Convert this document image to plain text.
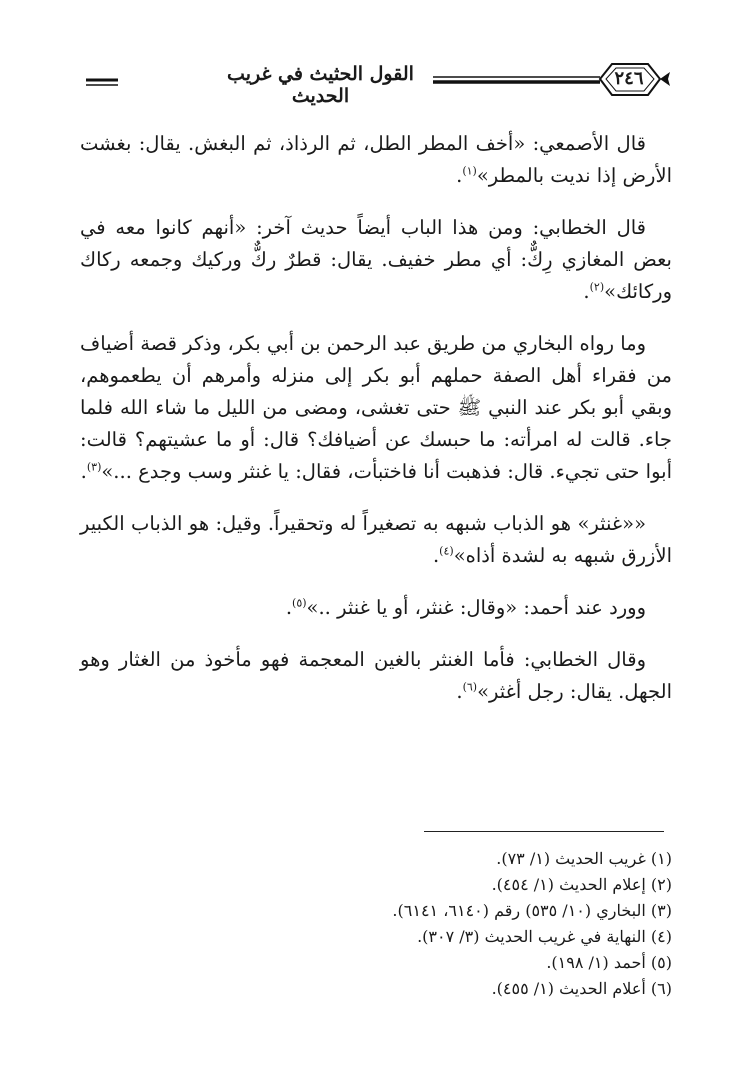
القول الحثيث في غريب الحديث
٢٤٦

قال الأصمعي: «أخف المطر الطل، ثم الرذاذ، ثم البغش. يقال: بغشت الأرض إذا نديت بالمطر»$^{(١)}$.

قال الخطابي: ومن هذا الباب أيضاً حديث آخر: «أنهم كانوا معه في بعض المغازي رِكٌّ: أي مطر خفيف. يقال: قطرٌ ركٌّ وركيك وجمعه ركاك وركائك»$^{(٢)}$.

وما رواه البخاري من طريق عبد الرحمن بن أبي بكر، وذكر قصة أضياف من فقراء أهل الصفة حملهم أبو بكر إلى منزله وأمرهم أن يطعموهم، وبقي أبو بكر عند النبي ﷺ حتى تغشى، ومضى من الليل ما شاء الله فلما جاء. قالت له امرأته: ما حبسك عن أضيافك؟ قال: أو ما عشيتهم؟ قالت: أبوا حتى تجيء. قال: فذهبت أنا فاختبأت، فقال: يا غنثر وسب وجدع ...»$^{(٣)}$.

««غنثر» هو الذباب شبهه به تصغيراً له وتحقيراً. وقيل: هو الذباب الكبير الأزرق شبهه به لشدة أذاه»$^{(٤)}$.

وورد عند أحمد: «وقال: غنثر، أو يا غنثر ..»$^{(٥)}$.

وقال الخطابي: فأما الغنثر بالغين المعجمة فهو مأخوذ من الغثار وهو الجهل. يقال: رجل أغثر»$^{(٦)}$.

(١) غريب الحديث (١/ ٧٣).
(٢) إعلام الحديث (١/ ٤٥٤).
(٣) البخاري (١٠/ ٥٣٥) رقم (٦١٤٠، ٦١٤١).
(٤) النهاية في غريب الحديث (٣/ ٣٠٧).
(٥) أحمد (١/ ١٩٨).
(٦) أعلام الحديث (١/ ٤٥٥).
